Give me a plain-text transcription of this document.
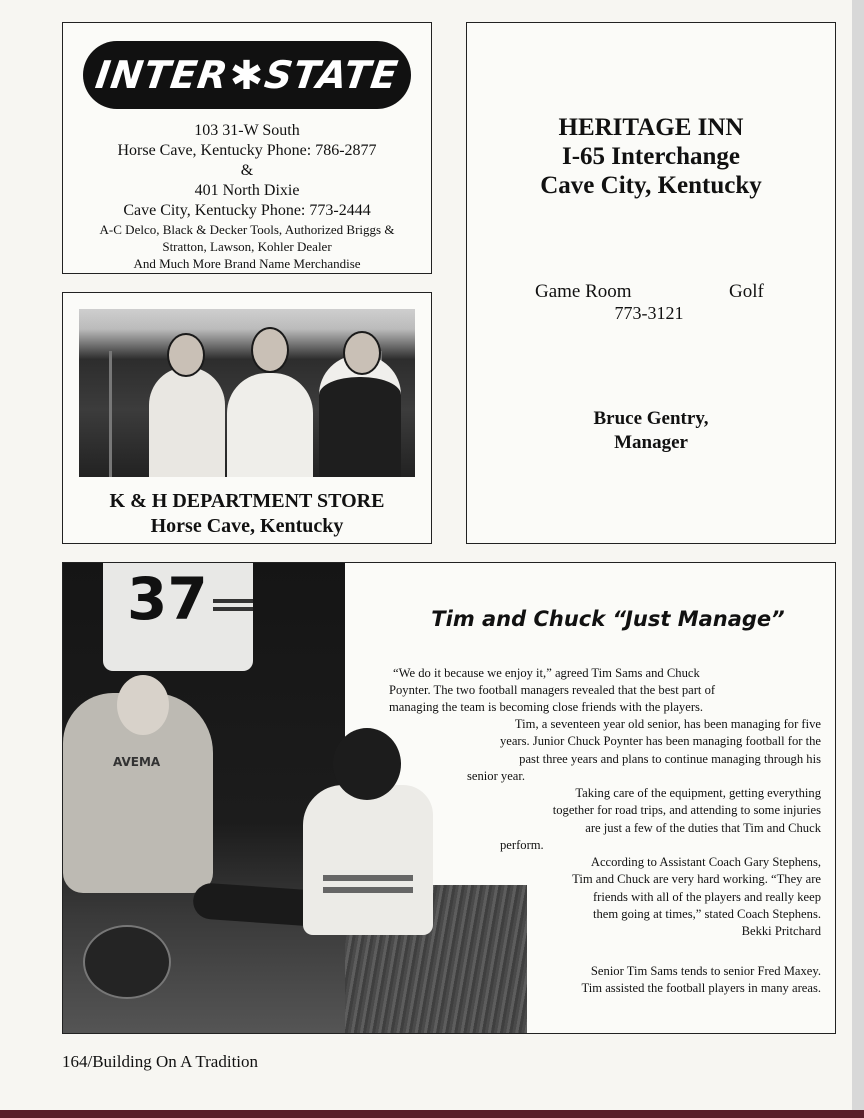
INTER
✱
STATE
103 31-W South
Horse Cave, Kentucky Phone: 786-2877
&
401 North Dixie
Cave City, Kentucky Phone: 773-2444
A-C Delco, Black & Decker Tools, Authorized Briggs &
Stratton, Lawson, Kohler Dealer
And Much More Brand Name Merchandise
K & H DEPARTMENT STORE
Horse Cave, Kentucky
HERITAGE INN
I-65 Interchange
Cave City, Kentucky
Game Room	Golf
773-3121
Bruce Gentry,
Manager
37
AVEMA
Tim and Chuck “Just Manage”
“We do it because we enjoy it,” agreed Tim Sams and Chuck
Poynter. The two football managers revealed that the best part of
managing the team is becoming close friends with the players.
Tim, a seventeen year old senior, has been managing for five
years. Junior Chuck Poynter has been managing football for the
past three years and plans to continue managing through his
senior year.
Taking care of the equipment, getting everything
together for road trips, and attending to some injuries
are just a few of the duties that Tim and Chuck
perform.
According to Assistant Coach Gary Stephens,
Tim and Chuck are very hard working. “They are
friends with all of the players and really keep
them going at times,” stated Coach Stephens.
Bekki Pritchard
Senior Tim Sams tends to senior Fred Maxey.
Tim assisted the football players in many areas.
164/Building On A Tradition
